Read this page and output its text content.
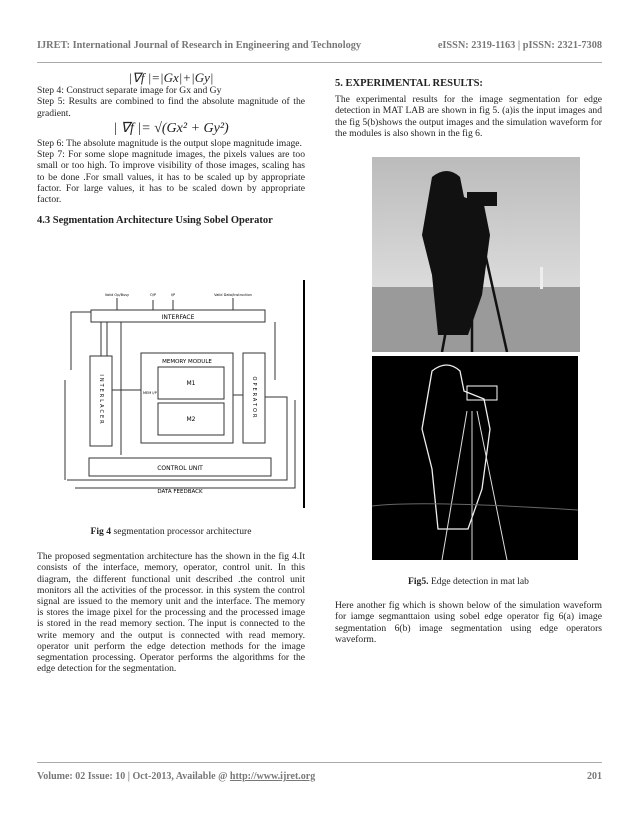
IJRET: International Journal of Research in Engineering and Technology	eISSN: 2319-1163 | pISSN: 2321-7308
|∇f |=|Gx|+|Gy|

Step 4: Construct separate image for Gx and Gy

Step 5: Results are combined to find the absolute magnitude of the gradient.

| ∇f |= √(Gx² + Gy²)

Step 6: The absolute magnitude is the output slope magnitude image.

Step 7: For some slope magnitude images, the pixels values are too small or too high. To improve visibility of those images, scaling has to be done .For small values, it has to be scaled up by appropriate factor. For large values, it has to be scaled down by appropriate factor.

4.3 Segmentation Architecture Using Sobel Operator
INTERFACE
Valid Op/Busy	O/P	I/P	Valid Data/Instruction
INTERLACER
MEMORY MODULE
M1
M2
MEM I/P	OPERATOR
CONTROL UNIT
DATA FEEDBACK
Fig 4 segmentation processor architecture

The proposed segmentation architecture has the shown in the fig 4.It consists of the interface, memory, operator, control unit. In this diagram, the different functional unit described .the control unit monitors all the activities of the processor. in this system the control signal are issued to the memory unit and the interface. The memory is stores the image pixel for the processing and the processed image is stored in the read memory section. The input is connected to the write memory and the output is connected with read memory. operator unit perform the edge detection methods for the image segmentation processing. Operator performs the algorithms for the edge detection for the segmentation.

5. EXPERIMENTAL RESULTS:

The experimental results for the image segmentation for edge detection in MAT LAB are shown in fig 5. (a)is the input images and the fig 5(b)shows the output images and the simulation waveform for the modules is also shown in the fig 6.

Fig5. Edge detection in mat lab

Here another fig which is shown below of the simulation waveform for iamge segmanttaion using sobel edge operator fig 6(a) image segmentation 6(b) image segmentation using edge operators waveform.

Volume: 02 Issue: 10 | Oct-2013, Available @ http://www.ijret.org	201
